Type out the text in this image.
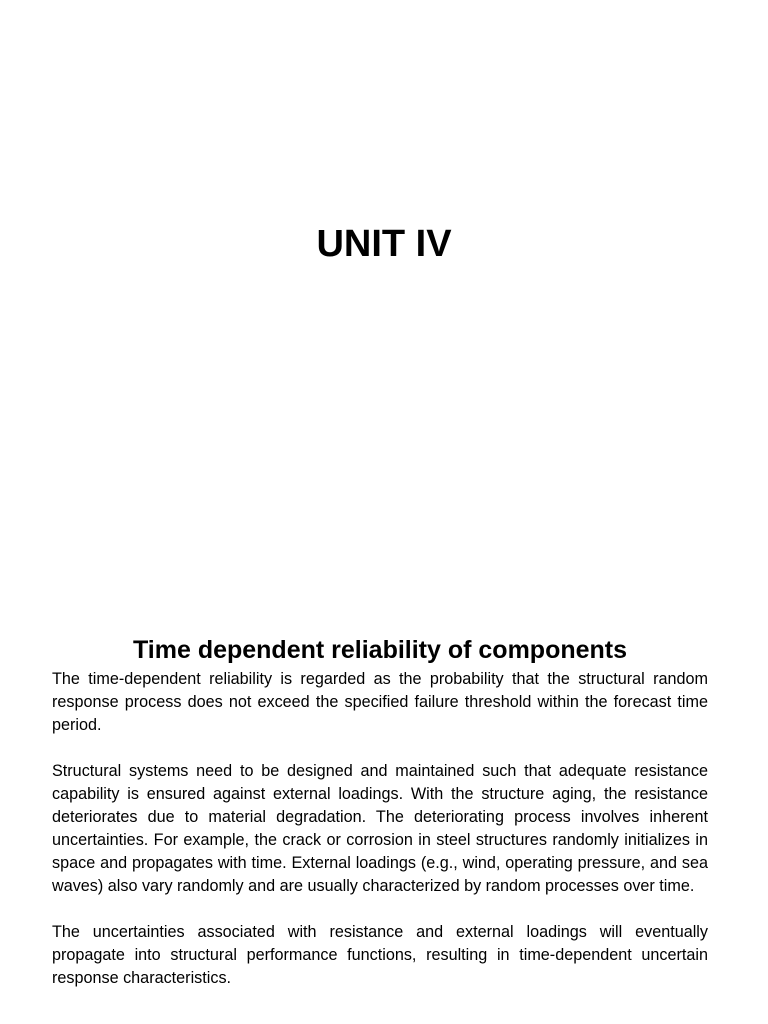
UNIT IV
Time dependent reliability of components

The time-dependent reliability is regarded as the probability that the structural random response process does not exceed the specified failure threshold within the forecast time period.

Structural systems need to be designed and maintained such that adequate resistance capability is ensured against external loadings. With the structure aging, the resistance deteriorates due to material degradation. The deteriorating process involves inherent uncertainties. For example, the crack or corrosion in steel structures randomly initializes in space and propagates with time. External loadings (e.g., wind, operating pressure, and sea waves) also vary randomly and are usually characterized by random processes over time.

The uncertainties associated with resistance and external loadings will eventually propagate into structural performance functions, resulting in time-dependent uncertain response characteristics.
